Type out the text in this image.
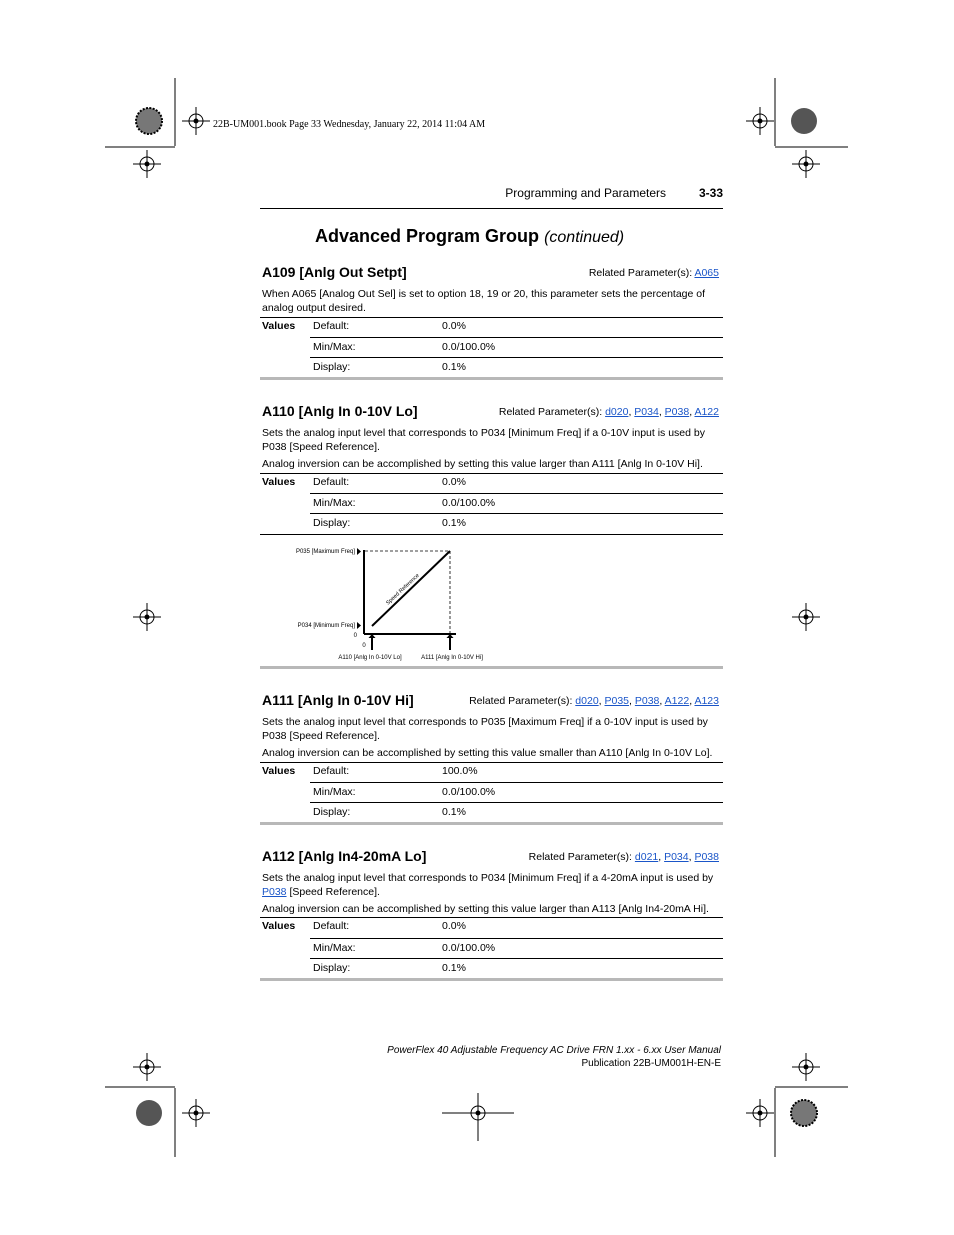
22B-UM001.book Page 33 Wednesday, January 22, 2014 11:04 AM
Programming and Parameters	3-33
Advanced Program Group (continued)
A109 [Anlg Out Setpt]	Related Parameter(s): A065
When A065 [Analog Out Sel] is set to option 18, 19 or 20, this parameter sets the percentage of analog output desired.
Values Default:	0.0%
Min/Max:	0.0/100.0%
Display:	0.1%
A110 [Anlg In 0-10V Lo]	Related Parameter(s): d020, P034, P038, A122
Sets the analog input level that corresponds to P034 [Minimum Freq] if a 0-10V input is used by P038 [Speed Reference].
Analog inversion can be accomplished by setting this value larger than A111 [Anlg In 0-10V Hi].
Values Default:	0.0%
Min/Max:	0.0/100.0%
Display:	0.1%
P035 [Maximum Freq]
P034 [Minimum Freq]
0
Speed Reference
0
A110 [Anlg In 0-10V Lo]	A111 [Anlg In 0-10V Hi]
A111 [Anlg In 0-10V Hi]	Related Parameter(s): d020, P035, P038, A122, A123
Sets the analog input level that corresponds to P035 [Maximum Freq] if a 0-10V input is used by P038 [Speed Reference].
Analog inversion can be accomplished by setting this value smaller than A110 [Anlg In 0-10V Lo].
Values Default:	100.0%
Min/Max:	0.0/100.0%
Display:	0.1%
A112 [Anlg In4-20mA Lo]	Related Parameter(s): d021, P034, P038
Sets the analog input level that corresponds to P034 [Minimum Freq] if a 4-20mA input is used by P038 [Speed Reference].
Analog inversion can be accomplished by setting this value larger than A113 [Anlg In4-20mA Hi].
Values Default:	0.0%
Min/Max:	0.0/100.0%
Display:	0.1%
PowerFlex 40 Adjustable Frequency AC Drive FRN 1.xx - 6.xx User Manual
Publication 22B-UM001H-EN-E
